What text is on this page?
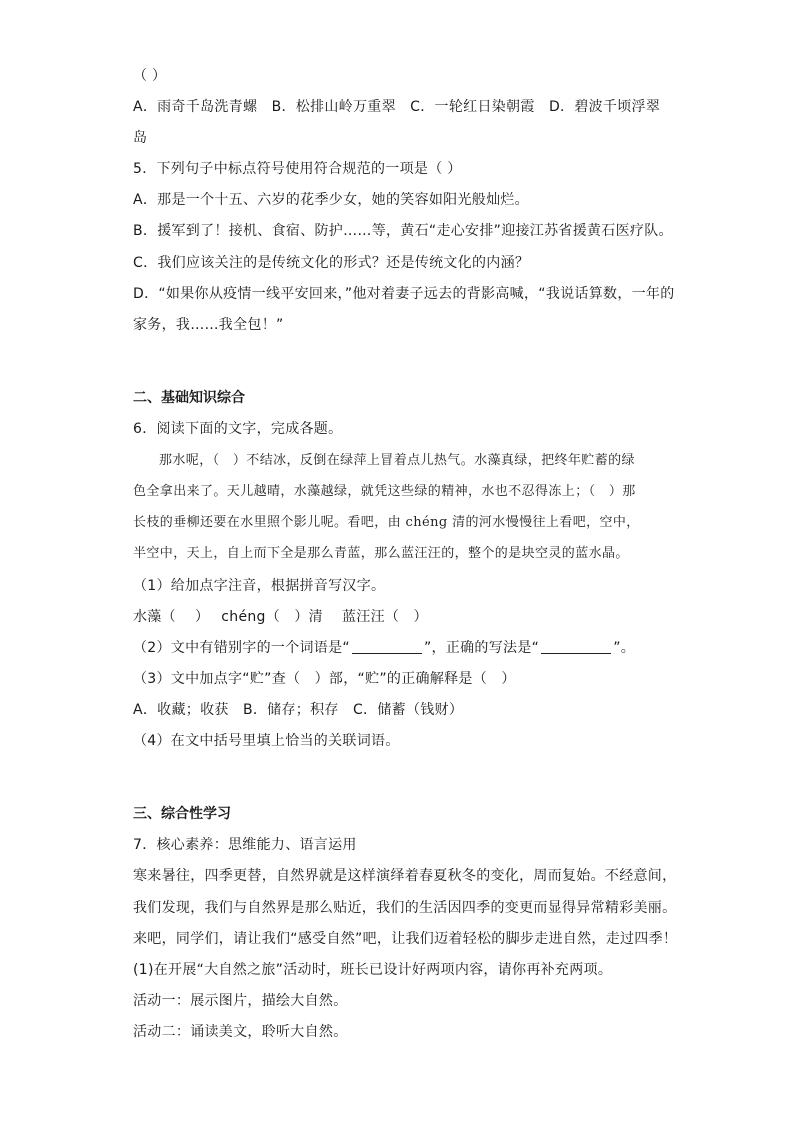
（ ）
A．雨奇千岛洗青螺　B．松排山岭万重翠　C．一轮红日染朝霞　D．碧波千顷浮翠
岛
5．下列句子中标点符号使用符合规范的一项是（ ）
A．那是一个十五、六岁的花季少女，她的笑容如阳光般灿烂。
B．援军到了！接机、食宿、防护……等，黄石“走心安排”迎接江苏省援黄石医疗队。
C．我们应该关注的是传统文化的形式？还是传统文化的内涵？
D．“如果你从疫情一线平安回来，”他对着妻子远去的背影高喊，“我说话算数，一年的
家务，我……我全包！”
二、基础知识综合
6．阅读下面的文字，完成各题。
那水呢，（　）不结冰，反倒在绿萍上冒着点儿热气。水藻真绿，把终年贮蓄的绿
色全拿出来了。天儿越晴，水藻越绿，就凭这些绿的精神，水也不忍得冻上；（　）那
长枝的垂柳还要在水里照个影儿呢。看吧，由 chéng 清的河水慢慢往上看吧，空中，
半空中，天上，自上而下全是那么青蓝，那么蓝汪汪的，整个的是块空灵的蓝水晶。
（1）给加点字注音，根据拼音写汉字。
水藻（　 ）　 chéng（　）清　 蓝汪汪（　）
（2）文中有错别字的一个词语是“	”，正确的写法是“	”。
（3）文中加点字“贮”查（　）部，“贮”的正确解释是（　）
A．收藏；收获　B．储存；积存　C．储蓄（钱财）
（4）在文中括号里填上恰当的关联词语。
三、综合性学习
7．核心素养：思维能力、语言运用
寒来暑往，四季更替，自然界就是这样演绎着春夏秋冬的变化，周而复始。不经意间，
我们发现，我们与自然界是那么贴近，我们的生活因四季的变更而显得异常精彩美丽。
来吧，同学们，请让我们“感受自然”吧，让我们迈着轻松的脚步走进自然，走过四季！
(1)在开展“大自然之旅”活动时，班长已设计好两项内容，请你再补充两项。
活动一：展示图片，描绘大自然。
活动二：诵读美文，聆听大自然。
